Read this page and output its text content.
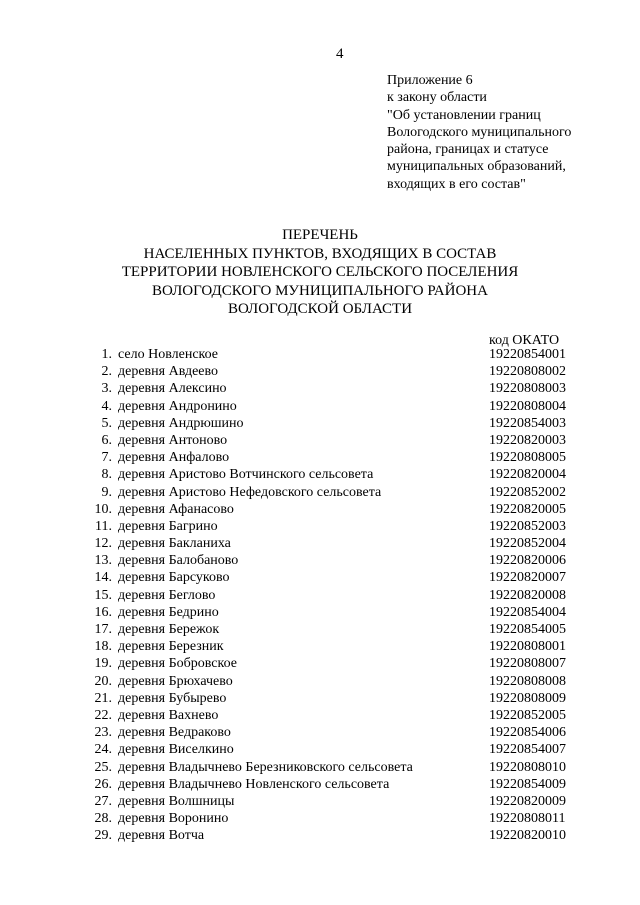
4
Приложение 6
к закону области
"Об установлении границ
Вологодского муниципального
района, границах и статусе
муниципальных образований,
входящих в его состав"
ПЕРЕЧЕНЬ
НАСЕЛЕННЫХ ПУНКТОВ, ВХОДЯЩИХ В СОСТАВ
ТЕРРИТОРИИ НОВЛЕНСКОГО СЕЛЬСКОГО ПОСЕЛЕНИЯ
ВОЛОГОДСКОГО МУНИЦИПАЛЬНОГО РАЙОНА
ВОЛОГОДСКОЙ ОБЛАСТИ
код ОКАТО
1. село Новленское	19220854001
2. деревня Авдеево	19220808002
3. деревня Алексино	19220808003
4. деревня Андронино	19220808004
5. деревня Андрюшино	19220854003
6. деревня Антоново	19220820003
7. деревня Анфалово	19220808005
8. деревня Аристово Вотчинского сельсовета	19220820004
9. деревня Аристово Нефедовского сельсовета	19220852002
10. деревня Афанасово	19220820005
11. деревня Багрино	19220852003
12. деревня Бакланиха	19220852004
13. деревня Балобаново	19220820006
14. деревня Барсуково	19220820007
15. деревня Беглово	19220820008
16. деревня Бедрино	19220854004
17. деревня Бережок	19220854005
18. деревня Березник	19220808001
19. деревня Бобровское	19220808007
20. деревня Брюхачево	19220808008
21. деревня Бубырево	19220808009
22. деревня Вахнево	19220852005
23. деревня Ведраково	19220854006
24. деревня Виселкино	19220854007
25. деревня Владычнево Березниковского сельсовета	19220808010
26. деревня Владычнево Новленского сельсовета	19220854009
27. деревня Волшницы	19220820009
28. деревня Воронино	19220808011
29. деревня Вотча	19220820010
